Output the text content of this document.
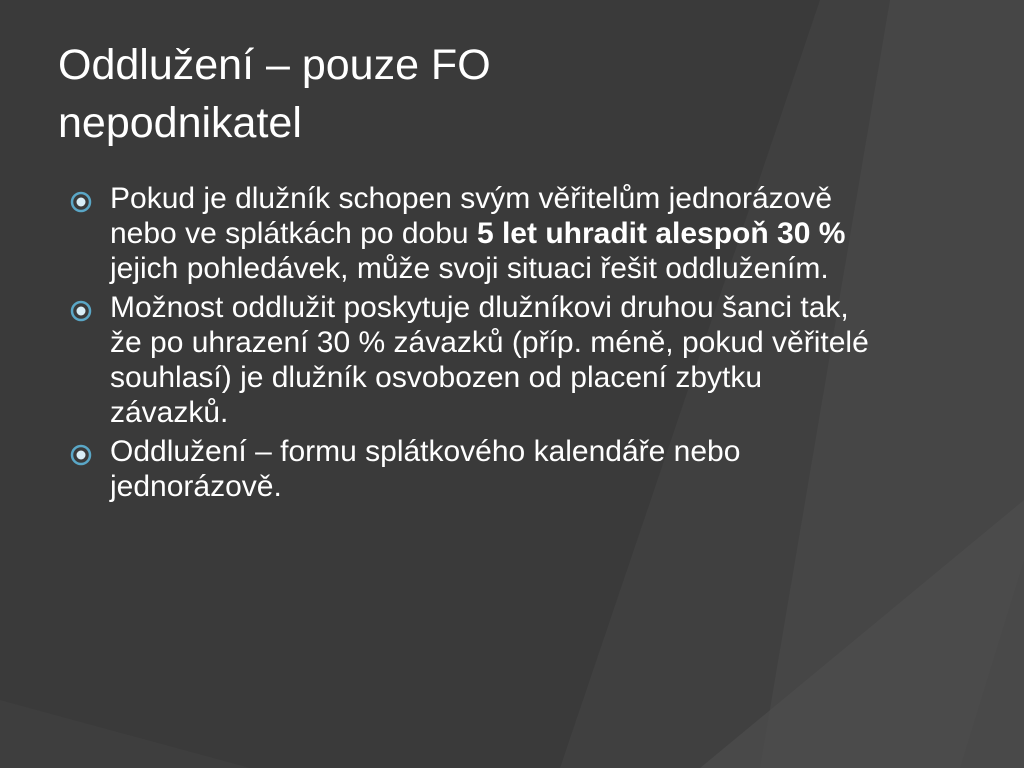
Oddlužení – pouze FO
nepodnikatel
Pokud je dlužník schopen svým věřitelům jednorázově nebo ve splátkách po dobu 5 let uhradit alespoň 30 % jejich pohledávek, může svoji situaci řešit oddlužením.
Možnost oddlužit poskytuje dlužníkovi druhou šanci tak, že po uhrazení 30 % závazků (příp. méně, pokud věřitelé souhlasí) je dlužník osvobozen od placení zbytku závazků.
Oddlužení – formu splátkového kalendáře nebo jednorázově.
